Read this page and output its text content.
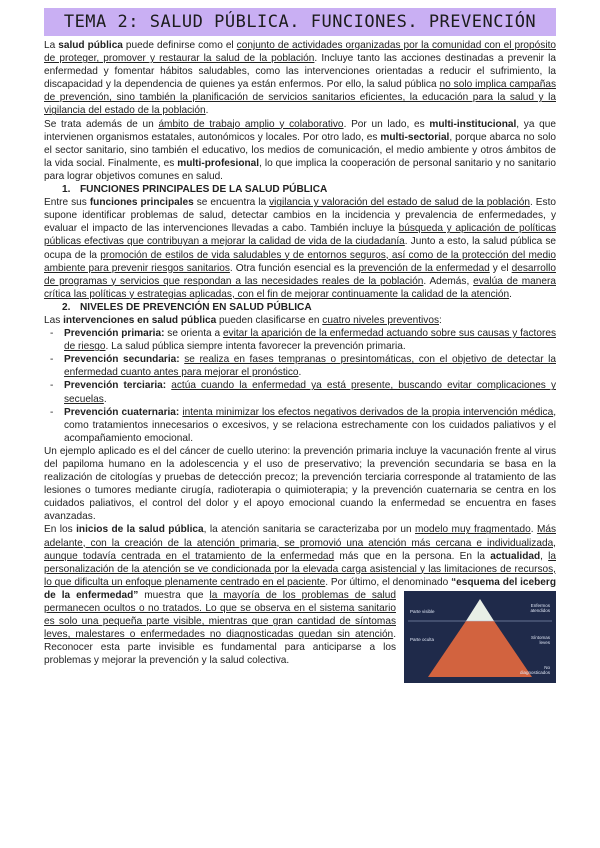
TEMA 2: SALUD PÚBLICA. FUNCIONES. PREVENCIÓN

La salud pública puede definirse como el conjunto de actividades organizadas por la comunidad con el propósito de proteger, promover y restaurar la salud de la población. Incluye tanto las acciones destinadas a prevenir la enfermedad y fomentar hábitos saludables, como las intervenciones orientadas a reducir el sufrimiento, la discapacidad y la dependencia de quienes ya están enfermos. Por ello, la salud pública no solo implica campañas de prevención, sino también la planificación de servicios sanitarios eficientes, la educación para la salud y la vigilancia del estado de la población.

Se trata además de un ámbito de trabajo amplio y colaborativo. Por un lado, es multi-institucional, ya que intervienen organismos estatales, autonómicos y locales. Por otro lado, es multi-sectorial, porque abarca no solo el sector sanitario, sino también el educativo, los medios de comunicación, el medio ambiente y otros ámbitos de la vida social. Finalmente, es multi-profesional, lo que implica la cooperación de personal sanitario y no sanitario para lograr objetivos comunes en salud.

1. FUNCIONES PRINCIPALES DE LA SALUD PÚBLICA

Entre sus funciones principales se encuentra la vigilancia y valoración del estado de salud de la población. Esto supone identificar problemas de salud, detectar cambios en la incidencia y prevalencia de enfermedades, y evaluar el impacto de las intervenciones llevadas a cabo. También incluye la búsqueda y aplicación de políticas públicas efectivas que contribuyan a mejorar la calidad de vida de la ciudadanía. Junto a esto, la salud pública se ocupa de la promoción de estilos de vida saludables y de entornos seguros, así como de la protección del medio ambiente para prevenir riesgos sanitarios. Otra función esencial es la prevención de la enfermedad y el desarrollo de programas y servicios que respondan a las necesidades reales de la población. Además, evalúa de manera crítica las políticas y estrategias aplicadas, con el fin de mejorar continuamente la calidad de la atención.

2. NIVELES DE PREVENCIÓN EN SALUD PÚBLICA

Las intervenciones en salud pública pueden clasificarse en cuatro niveles preventivos:

- Prevención primaria: se orienta a evitar la aparición de la enfermedad actuando sobre sus causas y factores de riesgo. La salud pública siempre intenta favorecer la prevención primaria.
- Prevención secundaria: se realiza en fases tempranas o presintomáticas, con el objetivo de detectar la enfermedad cuanto antes para mejorar el pronóstico.
- Prevención terciaria: actúa cuando la enfermedad ya está presente, buscando evitar complicaciones y secuelas.
- Prevención cuaternaria: intenta minimizar los efectos negativos derivados de la propia intervención médica, como tratamientos innecesarios o excesivos, y se relaciona estrechamente con los cuidados paliativos y el acompañamiento emocional.

Un ejemplo aplicado es el del cáncer de cuello uterino: la prevención primaria incluye la vacunación frente al virus del papiloma humano en la adolescencia y el uso de preservativo; la prevención secundaria se basa en la realización de citologías y pruebas de detección precoz; la prevención terciaria corresponde al tratamiento de las lesiones o tumores mediante cirugía, radioterapia o quimioterapia; y la prevención cuaternaria se centra en los cuidados paliativos, el control del dolor y el apoyo emocional cuando la enfermedad se encuentra en fases avanzadas.

En los inicios de la salud pública, la atención sanitaria se caracterizaba por un modelo muy fragmentado. Más adelante, con la creación de la atención primaria, se promovió una atención más cercana e individualizada, aunque todavía centrada en el tratamiento de la enfermedad más que en la persona. En la actualidad, la personalización de la atención se ve condicionada por la elevada carga asistencial y las limitaciones de recursos, lo que dificulta un enfoque plenamente centrado en el paciente. Por último, el denominado “esquema del iceberg de la enfermedad” muestra que
Parte visible
Parte oculta
Enfermos atendidos
Síntomas leves
No diagnosticados
la mayoría de los problemas de salud permanecen ocultos o no tratados. Lo que se observa en el sistema sanitario es solo una pequeña parte visible, mientras que gran cantidad de síntomas leves, malestares o enfermedades no diagnosticadas quedan sin atención. Reconocer esta parte invisible es fundamental para anticiparse a los problemas y mejorar la prevención y la salud colectiva.
